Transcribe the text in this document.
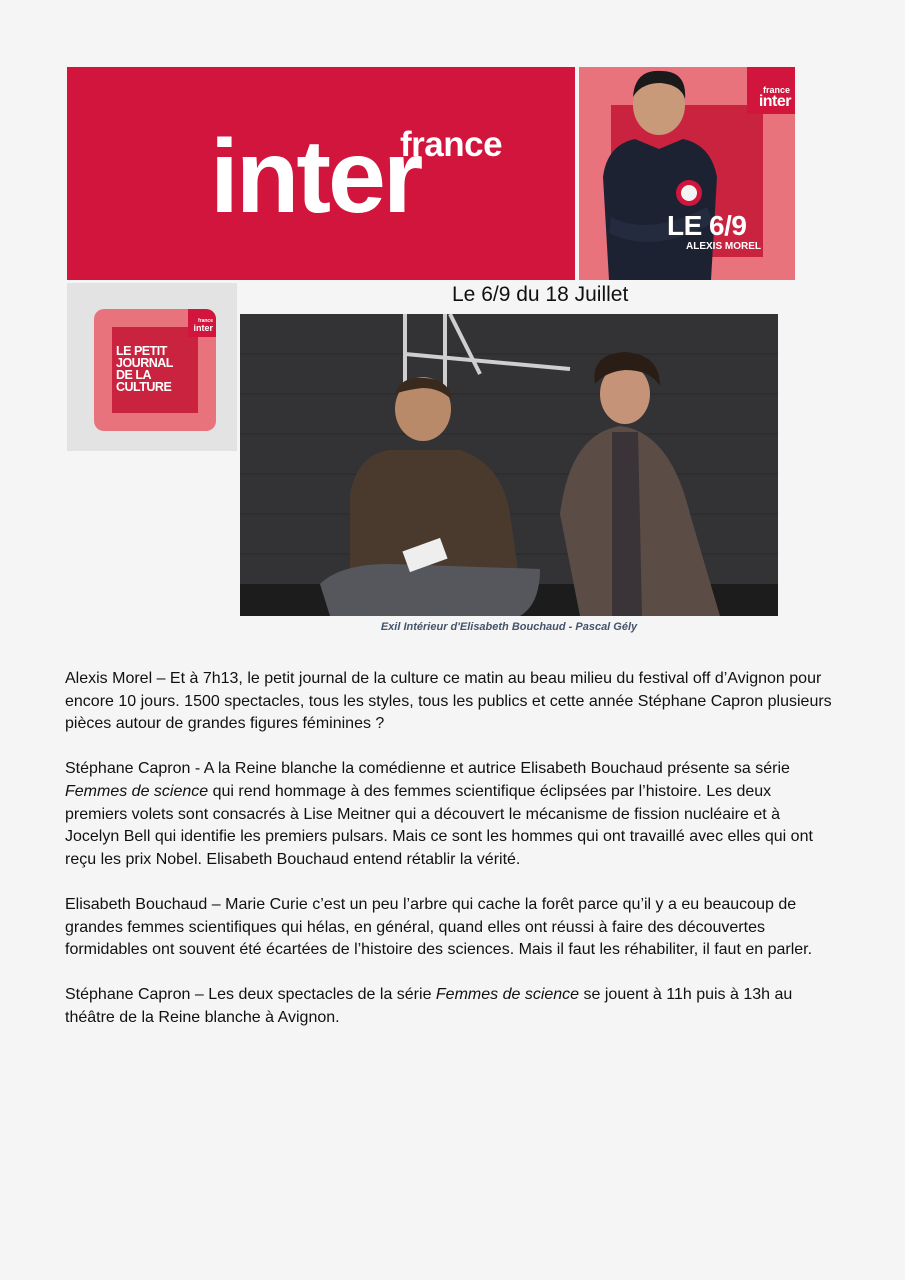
france
inter
france
inter
LE 6/9
ALEXIS MOREL
france
inter
LE PETIT
JOURNAL
DE LA
CULTURE
Le 6/9 du 18 Juillet
Exil Intérieur d'Elisabeth Bouchaud - Pascal Gély

Alexis Morel – Et à 7h13, le petit journal de la culture ce matin au beau milieu du festival off d’Avignon pour encore 10 jours. 1500 spectacles, tous les styles, tous les publics et cette année Stéphane Capron plusieurs pièces autour de grandes figures féminines ?

Stéphane Capron - A la Reine blanche la comédienne et autrice Elisabeth Bouchaud présente sa série Femmes de science qui rend hommage à des femmes scientifique éclipsées par l’histoire. Les deux premiers volets sont consacrés à Lise Meitner qui a découvert le mécanisme de fission nucléaire et à Jocelyn Bell qui identifie les premiers pulsars. Mais ce sont les hommes qui ont travaillé avec elles qui ont reçu les prix Nobel. Elisabeth Bouchaud entend rétablir la vérité.

Elisabeth Bouchaud – Marie Curie c’est un peu l’arbre qui cache la forêt parce qu’il y a eu beaucoup de grandes femmes scientifiques qui hélas, en général, quand elles ont réussi à faire des découvertes formidables ont souvent été écartées de l’histoire des sciences. Mais il faut les réhabiliter, il faut en parler.

Stéphane Capron – Les deux spectacles de la série Femmes de science se jouent à 11h puis à 13h au théâtre de la Reine blanche à Avignon.
